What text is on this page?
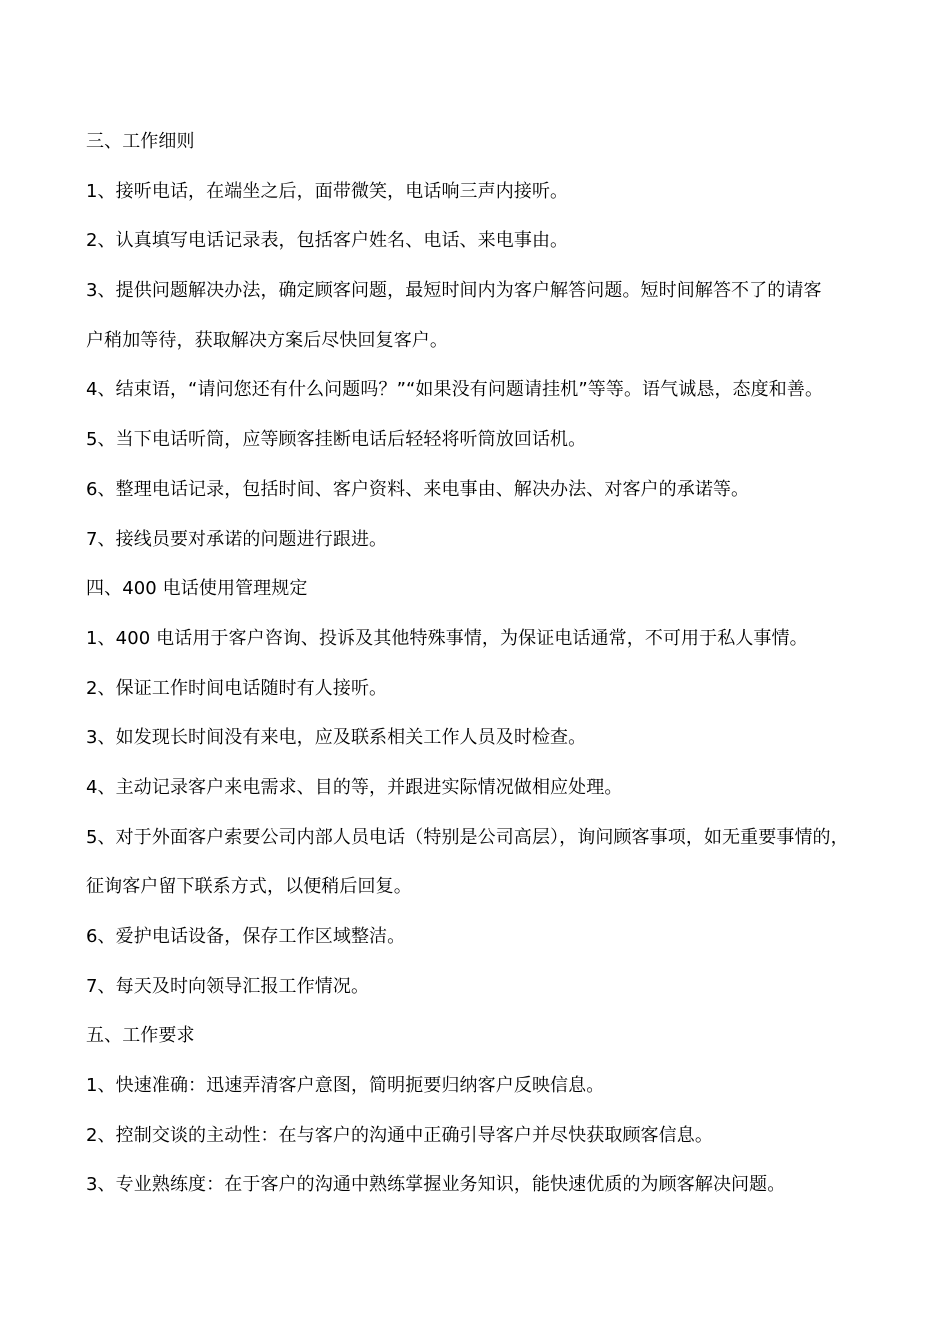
三、工作细则
1、接听电话，在端坐之后，面带微笑，电话响三声内接听。
2、认真填写电话记录表，包括客户姓名、电话、来电事由。
3、提供问题解决办法，确定顾客问题，最短时间内为客户解答问题。短时间解答不了的请客
户稍加等待，获取解决方案后尽快回复客户。
4、结束语，“请问您还有什么问题吗？”“如果没有问题请挂机”等等。语气诚恳，态度和善。
5、当下电话听筒，应等顾客挂断电话后轻轻将听筒放回话机。
6、整理电话记录，包括时间、客户资料、来电事由、解决办法、对客户的承诺等。
7、接线员要对承诺的问题进行跟进。
四、400 电话使用管理规定
1、400 电话用于客户咨询、投诉及其他特殊事情，为保证电话通常，不可用于私人事情。
2、保证工作时间电话随时有人接听。
3、如发现长时间没有来电，应及联系相关工作人员及时检查。
4、主动记录客户来电需求、目的等，并跟进实际情况做相应处理。
5、对于外面客户索要公司内部人员电话（特别是公司高层），询问顾客事项，如无重要事情的，
征询客户留下联系方式，以便稍后回复。
6、爱护电话设备，保存工作区域整洁。
7、每天及时向领导汇报工作情况。
五、工作要求
1、快速准确：迅速弄清客户意图，简明扼要归纳客户反映信息。
2、控制交谈的主动性：在与客户的沟通中正确引导客户并尽快获取顾客信息。
3、专业熟练度：在于客户的沟通中熟练掌握业务知识，能快速优质的为顾客解决问题。
